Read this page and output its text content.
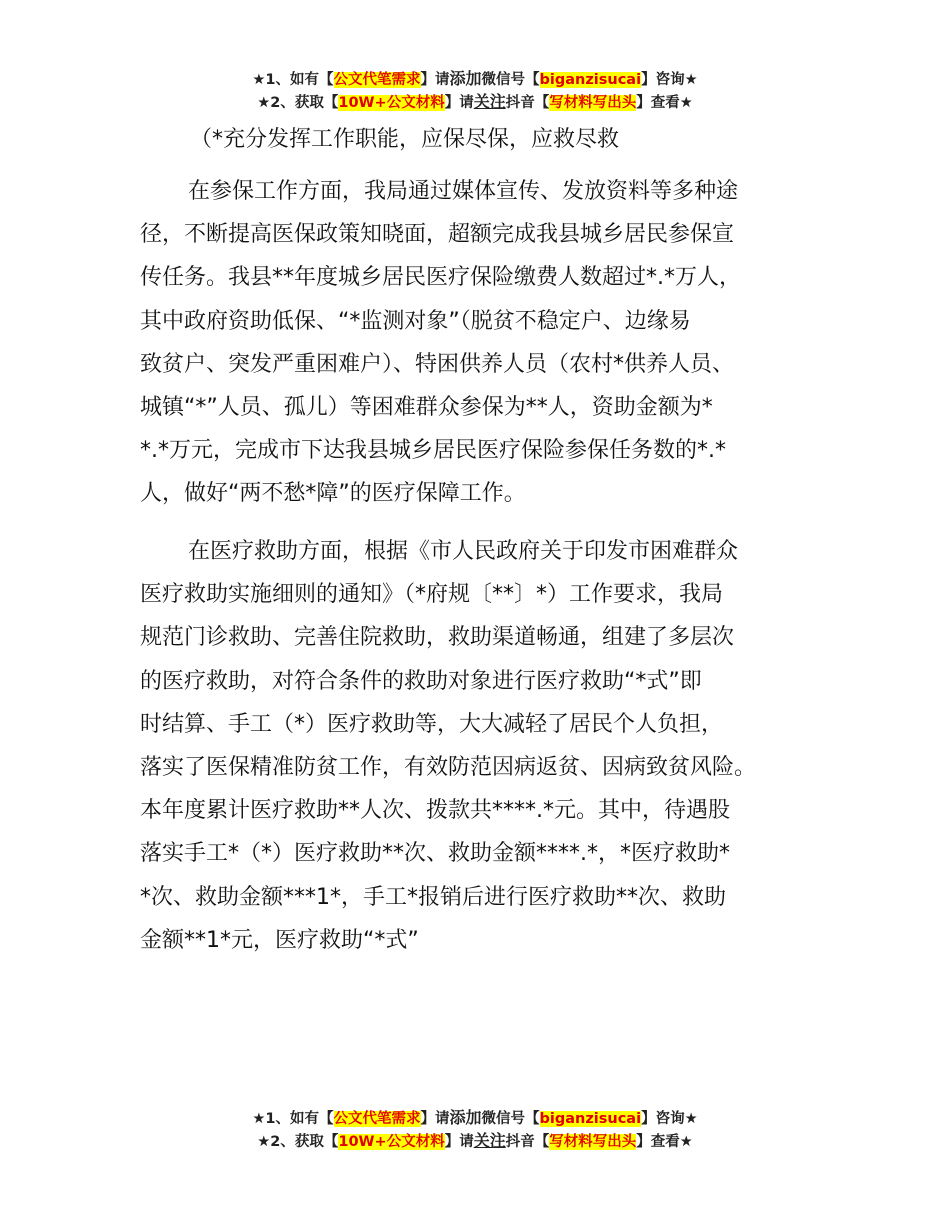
★1、如有【公文代笔需求】请添加微信号【biganzisucai】咨询★
★2、获取【10W+公文材料】请关注抖音【写材料写出头】查看★
（*充分发挥工作职能，应保尽保，应救尽救
在参保工作方面，我局通过媒体宣传、发放资料等多种途
径，不断提高医保政策知晓面，超额完成我县城乡居民参保宣
传任务。我县**年度城乡居民医疗保险缴费人数超过*.*万人，
其中政府资助低保、“*监测对象”（脱贫不稳定户、边缘易
致贫户、突发严重困难户）、特困供养人员（农村*供养人员、
城镇“*”人员、孤儿）等困难群众参保为**人，资助金额为*
*.*万元，完成市下达我县城乡居民医疗保险参保任务数的*.*
人，做好“两不愁*障”的医疗保障工作。
在医疗救助方面，根据《市人民政府关于印发市困难群众
医疗救助实施细则的通知》（*府规〔**〕*）工作要求，我局
规范门诊救助、完善住院救助，救助渠道畅通，组建了多层次
的医疗救助，对符合条件的救助对象进行医疗救助“*式”即
时结算、手工（*）医疗救助等，大大减轻了居民个人负担，
落实了医保精准防贫工作，有效防范因病返贫、因病致贫风险。
本年度累计医疗救助**人次、拨款共****.*元。其中，待遇股
落实手工*（*）医疗救助**次、救助金额****.*，*医疗救助*
*次、救助金额***1*，手工*报销后进行医疗救助**次、救助
金额**1*元，医疗救助“*式”
★1、如有【公文代笔需求】请添加微信号【biganzisucai】咨询★
★2、获取【10W+公文材料】请关注抖音【写材料写出头】查看★
